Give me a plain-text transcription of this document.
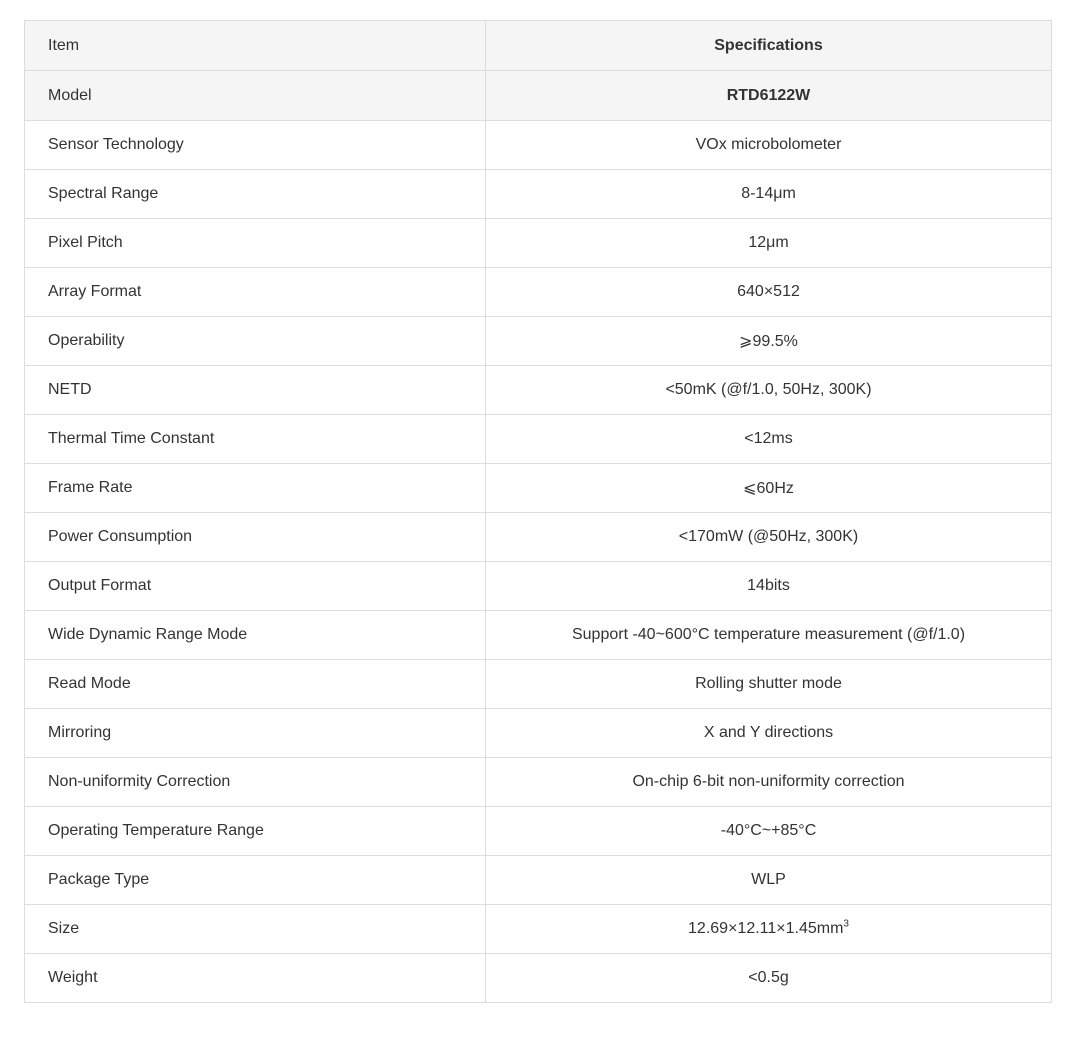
Item	Specifications
Model	RTD6122W
Sensor Technology	VOx microbolometer
Spectral Range	8-14μm
Pixel Pitch	12μm
Array Format	640×512
Operability	⩾99.5%
NETD	<50mK (@f/1.0, 50Hz, 300K)
Thermal Time Constant	<12ms
Frame Rate	⩽60Hz
Power Consumption	<170mW (@50Hz, 300K)
Output Format	14bits
Wide Dynamic Range Mode	Support -40~600°C temperature measurement (@f/1.0)
Read Mode	Rolling shutter mode
Mirroring	X and Y directions
Non-uniformity Correction	On-chip 6-bit non-uniformity correction
Operating Temperature Range	-40°C~+85°C
Package Type	WLP
Size	$12.69\times 12.11\times 1.45mm^3$
Weight	<0.5g
